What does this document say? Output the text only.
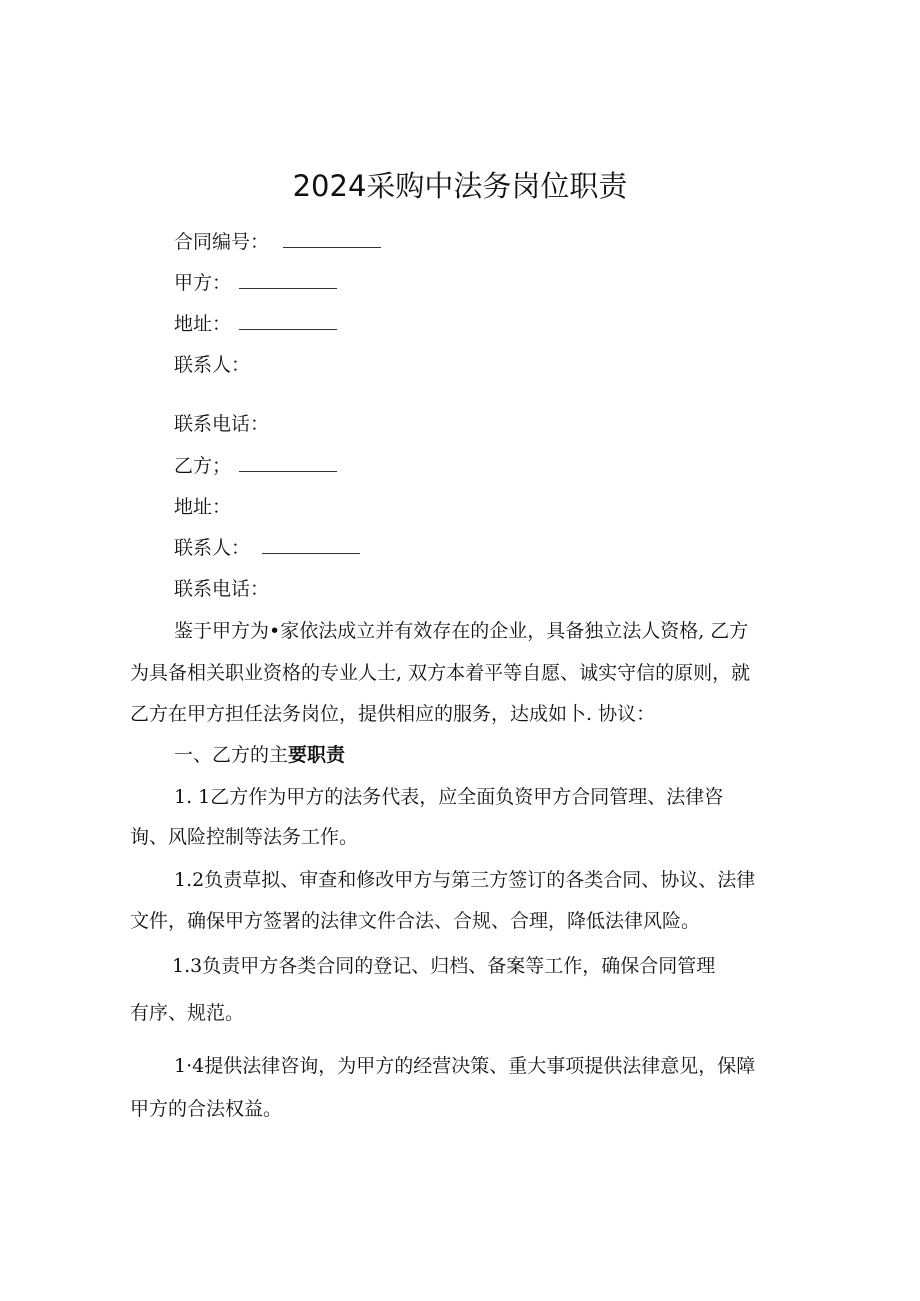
2024采购中法务岗位职责
合同编号：
甲方：
地址：
联系人：
联系电话：
乙方；
地址：
联系人：
联系电话：
鉴于甲方为•家依法成立并有效存在的企业，具备独立法人资格, 乙方
为具备相关职业资格的专业人士, 双方本着平等自愿、诚实守信的原则，就
乙方在甲方担任法务岗位，提供相应的服务，达成如卜. 协议：
一、乙方的主要职责
1. 1乙方作为甲方的法务代表，应全面负资甲方合同管理、法律咨
询、风险控制等法务工作。
1.2负责草拟、审查和修改甲方与第三方签订的各类合同、协议、法律
文件，确保甲方签署的法律文件合法、合规、合理，降低法律风险。
1.3负责甲方各类合同的登记、归档、备案等工作，确保合同管理
有序、规范。
1·4提供法律咨询，为甲方的经营决策、重大事项提供法律意见，保障
甲方的合法权益。
